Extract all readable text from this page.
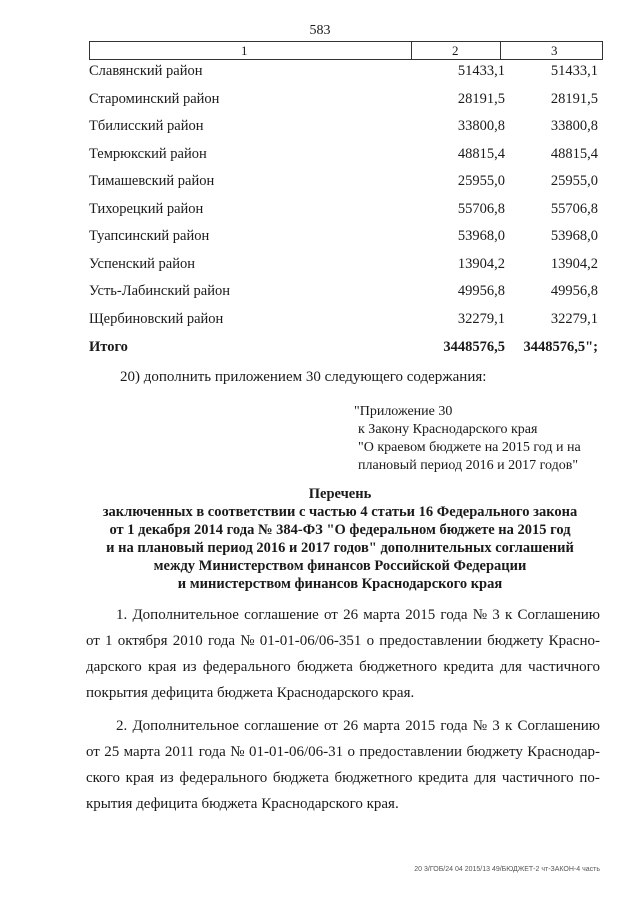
583
1	2	3
Славянский район	51433,1	51433,1
Староминский район	28191,5	28191,5
Тбилисский район	33800,8	33800,8
Темрюкский район	48815,4	48815,4
Тимашевский район	25955,0	25955,0
Тихорецкий район	55706,8	55706,8
Туапсинский район	53968,0	53968,0
Успенский район	13904,2	13904,2
Усть-Лабинский район	49956,8	49956,8
Щербиновский район	32279,1	32279,1
Итого	3448576,5 3448576,5";
20) дополнить приложением 30 следующего содержания:
"Приложение 30
к Закону Краснодарского края
"О краевом бюджете на 2015 год и на
плановый период 2016 и 2017 годов"
Перечень
заключенных в соответствии с частью 4 статьи 16 Федерального закона
от 1 декабря 2014 года № 384-ФЗ "О федеральном бюджете на 2015 год
и на плановый период 2016 и 2017 годов" дополнительных соглашений
между Министерством финансов Российской Федерации
и министерством финансов Краснодарского края
1. Дополнительное соглашение от 26 марта 2015 года № 3 к Соглашению
от 1 октября 2010 года № 01-01-06/06-351 о предоставлении бюджету Красно-
дарского края из федерального бюджета бюджетного кредита для частичного
покрытия дефицита бюджета Краснодарского края.
2. Дополнительное соглашение от 26 марта 2015 года № 3 к Соглашению
от 25 марта 2011 года № 01-01-06/06-31 о предоставлении бюджету Краснодар-
ского края из федерального бюджета бюджетного кредита для частичного по-
крытия дефицита бюджета Краснодарского края.
20 3/ГОБ/24 04 2015/13 49/БЮДЖЕТ-2 чт-ЗАКОН-4 часть
